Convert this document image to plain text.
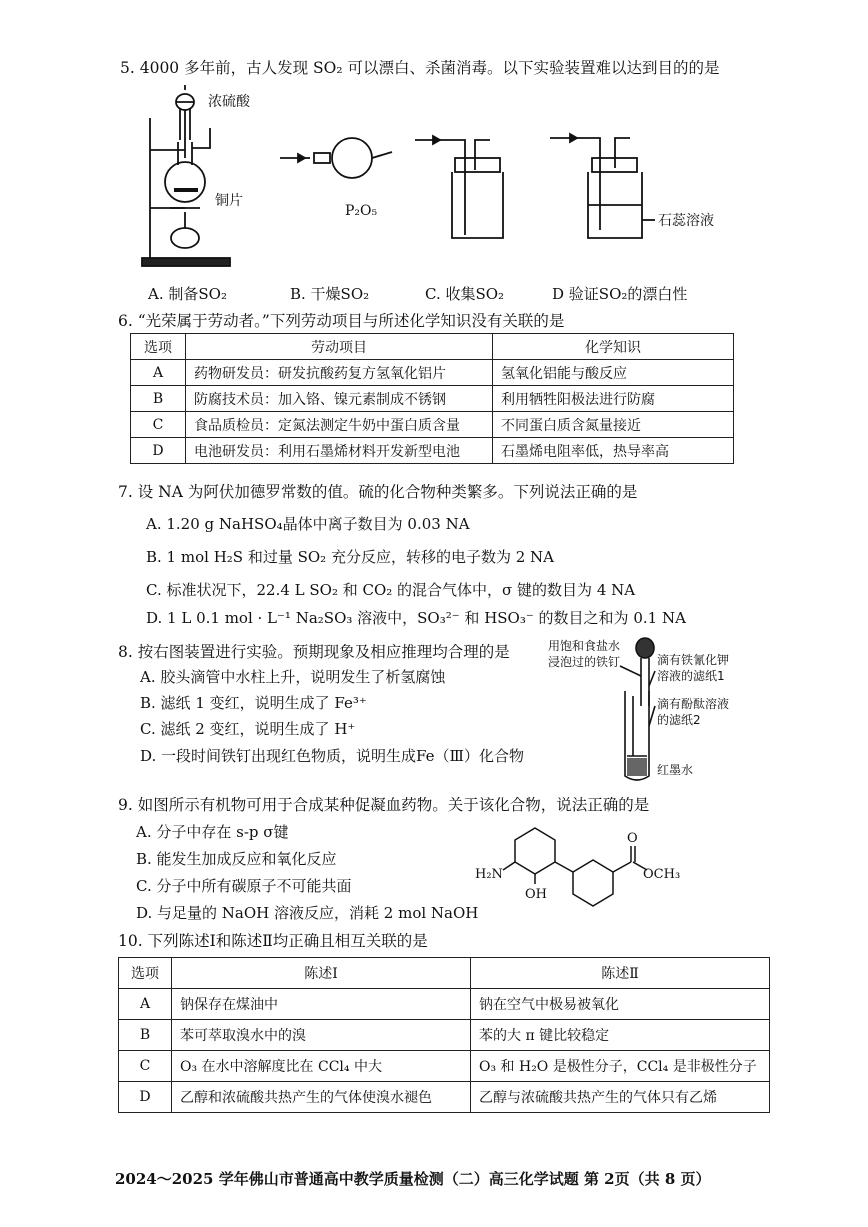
5. 4000 多年前，古人发现 SO₂ 可以漂白、杀菌消毒。以下实验装置难以达到目的的是
浓硫酸
铜片
P₂O₅
石蕊溶液
A. 制备SO₂	B. 干燥SO₂	C. 收集SO₂	D 验证SO₂的漂白性
6. “光荣属于劳动者。”下列劳动项目与所述化学知识没有关联的是
选项	劳动项目	化学知识
A	药物研发员：研发抗酸药复方氢氧化铝片	氢氧化铝能与酸反应
B	防腐技术员：加入铬、镍元素制成不锈钢	利用牺牲阳极法进行防腐
C	食品质检员：定氮法测定牛奶中蛋白质含量	不同蛋白质含氮量接近
D	电池研发员：利用石墨烯材料开发新型电池	石墨烯电阻率低，热导率高
7. 设 NA 为阿伏加德罗常数的值。硫的化合物种类繁多。下列说法正确的是
A. 1.20 g NaHSO₄晶体中离子数目为 0.03 NA
B. 1 mol H₂S 和过量 SO₂ 充分反应，转移的电子数为 2 NA
C. 标准状况下，22.4 L SO₂ 和 CO₂ 的混合气体中，σ 键的数目为 4 NA
D. 1 L 0.1 mol · L⁻¹ Na₂SO₃ 溶液中，SO₃²⁻ 和 HSO₃⁻ 的数目之和为 0.1 NA
8. 按右图装置进行实验。预期现象及相应推理均合理的是
A. 胶头滴管中水柱上升，说明发生了析氢腐蚀
B. 滤纸 1 变红，说明生成了 Fe³⁺
C. 滤纸 2 变红，说明生成了 H⁺
D. 一段时间铁钉出现红色物质，说明生成Fe（Ⅲ）化合物
用饱和食盐水
浸泡过的铁钉	滴有铁氰化钾
溶液的滤纸1
滴有酚酞溶液
的滤纸2
红墨水
9. 如图所示有机物可用于合成某种促凝血药物。关于该化合物，说法正确的是
A. 分子中存在 s-p σ键
B. 能发生加成反应和氧化反应
C. 分子中所有碳原子不可能共面
D. 与足量的 NaOH 溶液反应，消耗 2 mol NaOH
H₂N
OH
O
OCH₃
10. 下列陈述Ⅰ和陈述Ⅱ均正确且相互关联的是
选项	陈述Ⅰ	陈述Ⅱ
A	钠保存在煤油中	钠在空气中极易被氧化
B	苯可萃取溴水中的溴	苯的大 π 键比较稳定
C	O₃ 在水中溶解度比在 CCl₄ 中大	O₃ 和 H₂O 是极性分子，CCl₄ 是非极性分子
D	乙醇和浓硫酸共热产生的气体使溴水褪色	乙醇与浓硫酸共热产生的气体只有乙烯
2024～2025 学年佛山市普通高中教学质量检测（二）高三化学试题 第 2页（共 8 页）
